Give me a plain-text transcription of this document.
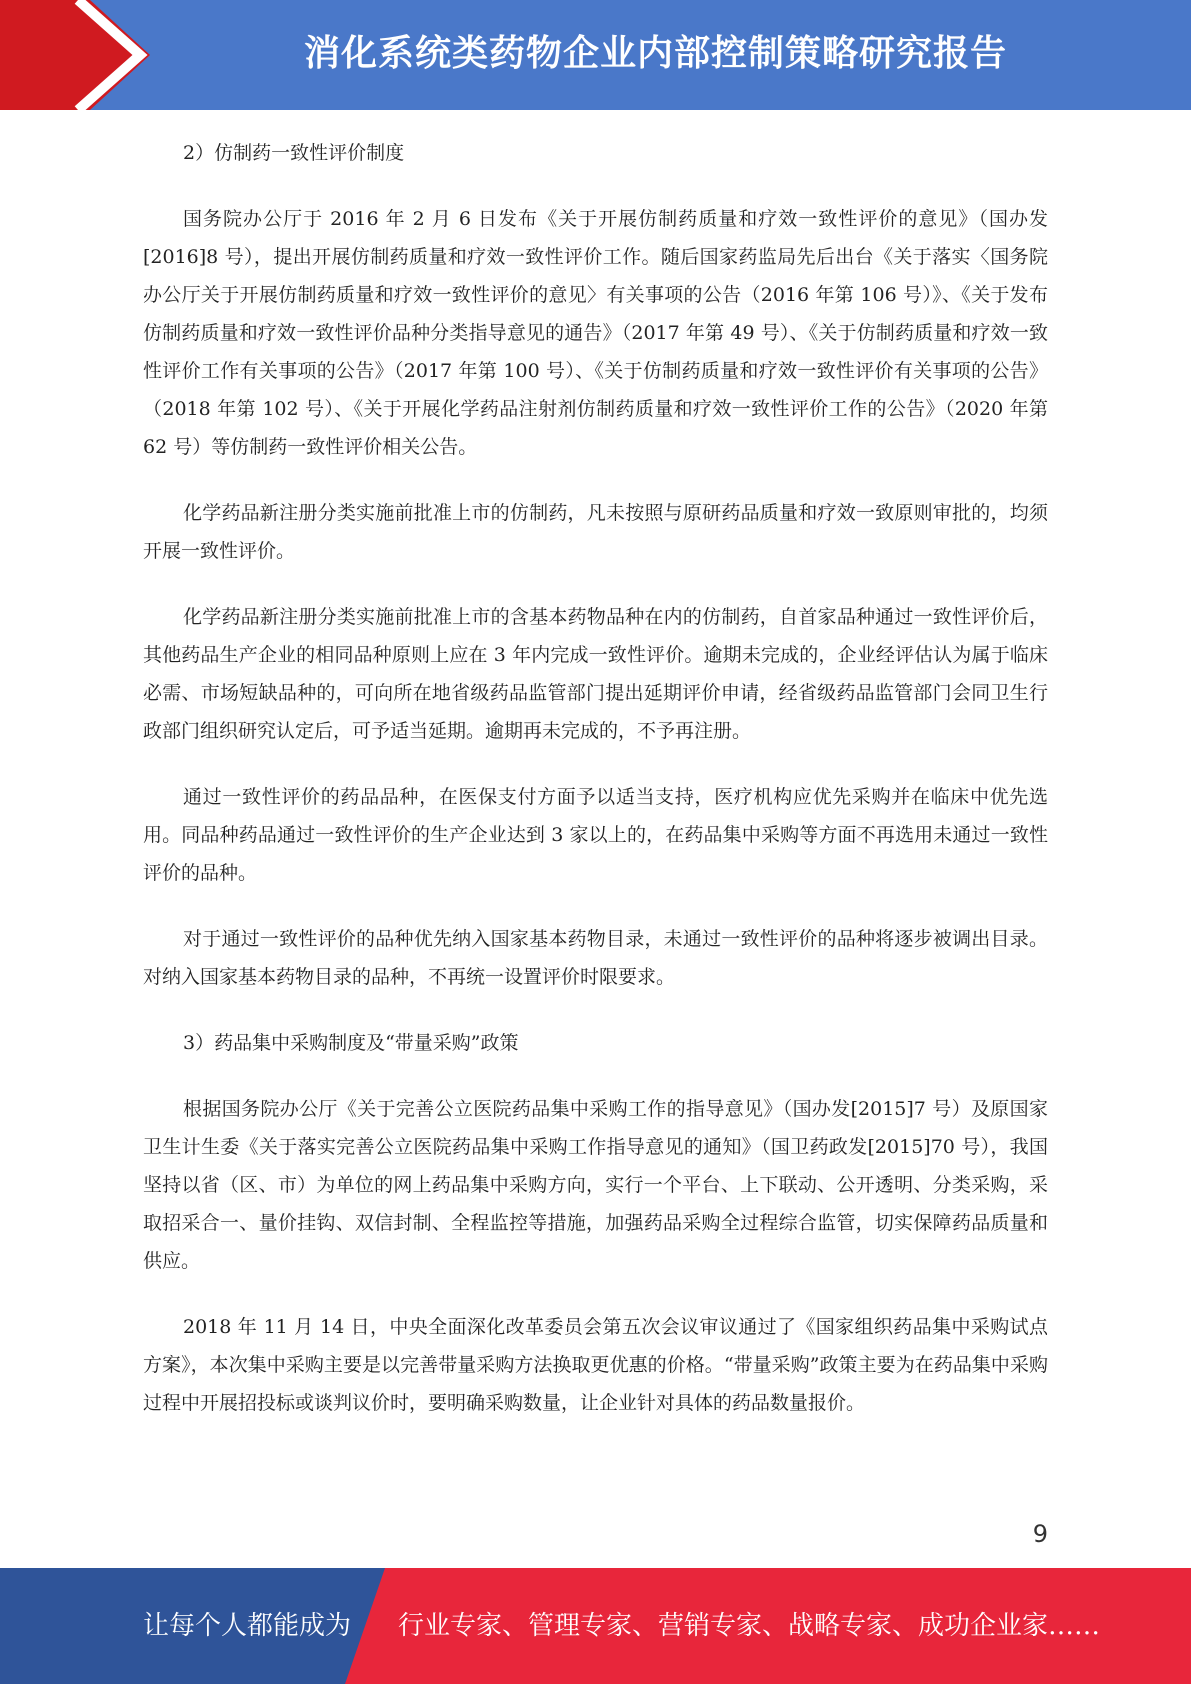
消化系统类药物企业内部控制策略研究报告

2）仿制药一致性评价制度

国务院办公厅于 2016 年 2 月 6 日发布《关于开展仿制药质量和疗效一致性评价的意见》（国办发[2016]8 号），提出开展仿制药质量和疗效一致性评价工作。随后国家药监局先后出台《关于落实〈国务院办公厅关于开展仿制药质量和疗效一致性评价的意见〉有关事项的公告（2016 年第 106 号）》、《关于发布仿制药质量和疗效一致性评价品种分类指导意见的通告》（2017 年第 49 号）、《关于仿制药质量和疗效一致性评价工作有关事项的公告》（2017 年第 100 号）、《关于仿制药质量和疗效一致性评价有关事项的公告》（2018 年第 102 号）、《关于开展化学药品注射剂仿制药质量和疗效一致性评价工作的公告》（2020 年第 62 号）等仿制药一致性评价相关公告。

化学药品新注册分类实施前批准上市的仿制药，凡未按照与原研药品质量和疗效一致原则审批的，均须开展一致性评价。

化学药品新注册分类实施前批准上市的含基本药物品种在内的仿制药，自首家品种通过一致性评价后，其他药品生产企业的相同品种原则上应在 3 年内完成一致性评价。逾期未完成的，企业经评估认为属于临床必需、市场短缺品种的，可向所在地省级药品监管部门提出延期评价申请，经省级药品监管部门会同卫生行政部门组织研究认定后，可予适当延期。逾期再未完成的，不予再注册。

通过一致性评价的药品品种，在医保支付方面予以适当支持，医疗机构应优先采购并在临床中优先选用。同品种药品通过一致性评价的生产企业达到 3 家以上的，在药品集中采购等方面不再选用未通过一致性评价的品种。

对于通过一致性评价的品种优先纳入国家基本药物目录，未通过一致性评价的品种将逐步被调出目录。对纳入国家基本药物目录的品种，不再统一设置评价时限要求。

3）药品集中采购制度及“带量采购”政策

根据国务院办公厅《关于完善公立医院药品集中采购工作的指导意见》（国办发[2015]7 号）及原国家卫生计生委《关于落实完善公立医院药品集中采购工作指导意见的通知》（国卫药政发[2015]70 号），我国坚持以省（区、市）为单位的网上药品集中采购方向，实行一个平台、上下联动、公开透明、分类采购，采取招采合一、量价挂钩、双信封制、全程监控等措施，加强药品采购全过程综合监管，切实保障药品质量和供应。

2018 年 11 月 14 日，中央全面深化改革委员会第五次会议审议通过了《国家组织药品集中采购试点方案》，本次集中采购主要是以完善带量采购方法换取更优惠的价格。“带量采购”政策主要为在药品集中采购过程中开展招投标或谈判议价时，要明确采购数量，让企业针对具体的药品数量报价。

9
让每个人都能成为 行业专家、管理专家、营销专家、战略专家、成功企业家……
